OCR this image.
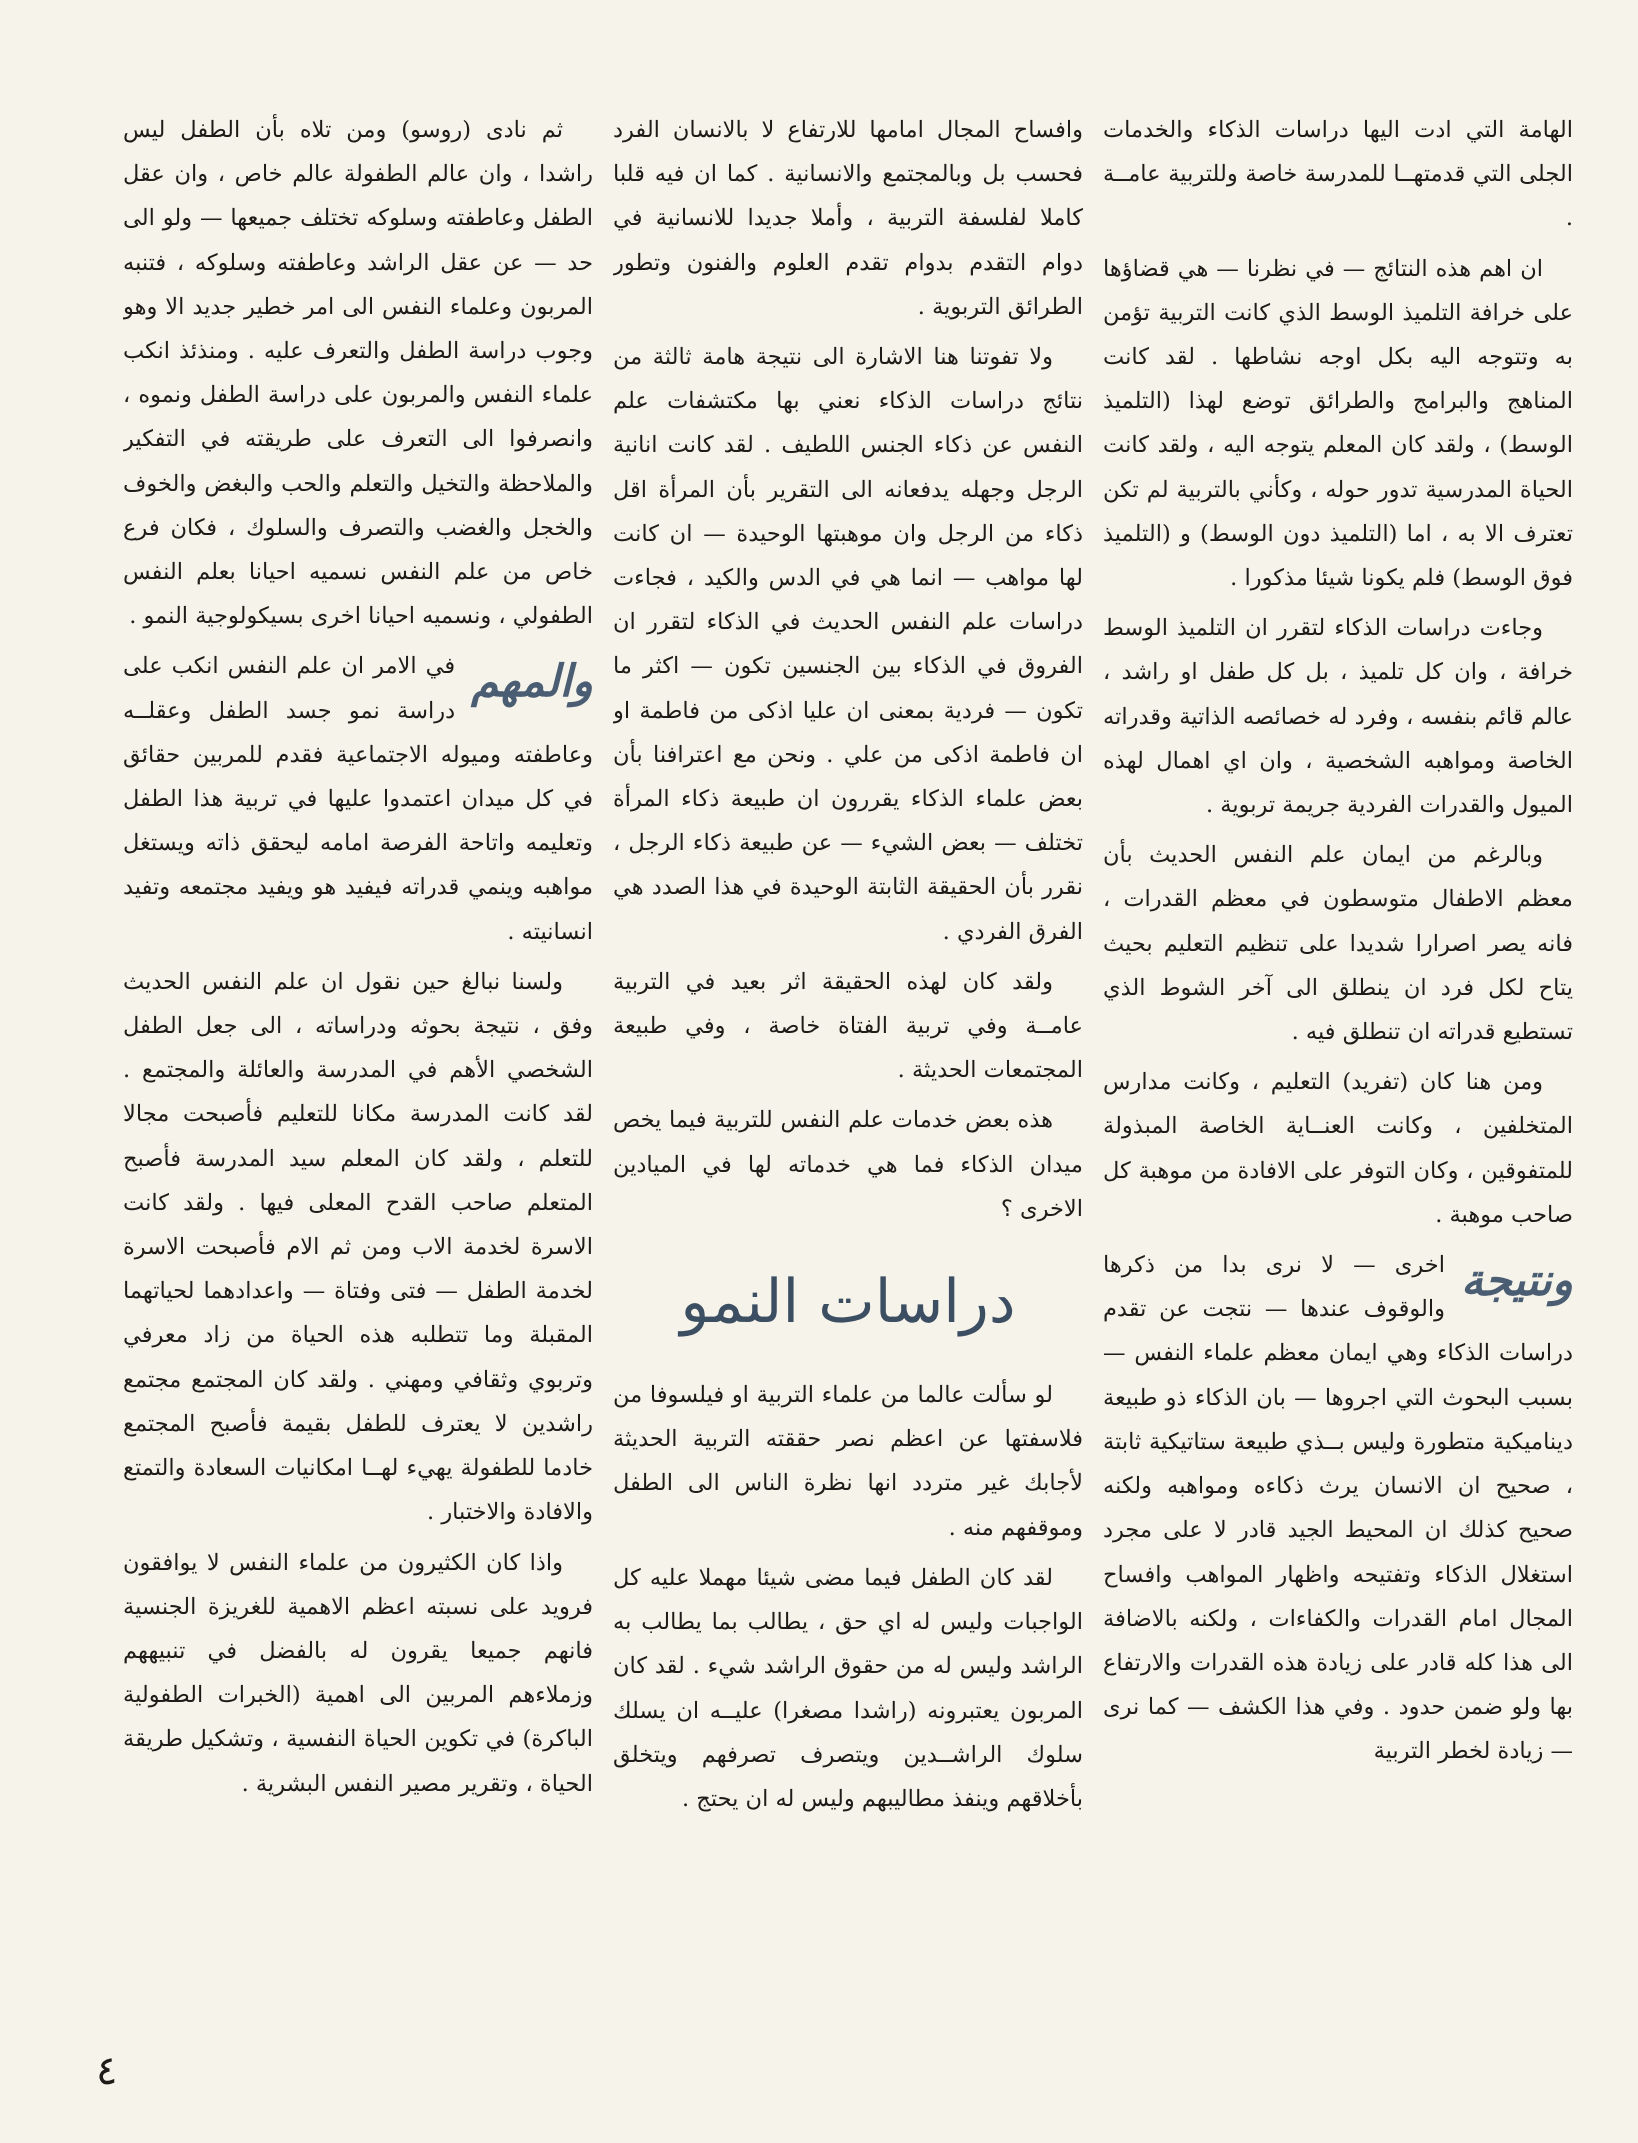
الهامة التي ادت اليها دراسات الذكاء والخدمات الجلى التي قدمتهــا للمدرسة خاصة وللتربية عامــة .

ان اهم هذه النتائج — في نظرنا — هي قضاؤها على خرافة التلميذ الوسط الذي كانت التربية تؤمن به وتتوجه اليه بكل اوجه نشاطها . لقد كانت المناهج والبرامج والطرائق توضع لهذا (التلميذ الوسط) ، ولقد كان المعلم يتوجه اليه ، ولقد كانت الحياة المدرسية تدور حوله ، وكأني بالتربية لم تكن تعترف الا به ، اما (التلميذ دون الوسط) و (التلميذ فوق الوسط) فلم يكونا شيئا مذكورا .

وجاءت دراسات الذكاء لتقرر ان التلميذ الوسط خرافة ، وان كل تلميذ ، بل كل طفل او راشد ، عالم قائم بنفسه ، وفرد له خصائصه الذاتية وقدراته الخاصة ومواهبه الشخصية ، وان اي اهمال لهذه الميول والقدرات الفردية جريمة تربوية .

وبالرغم من ايمان علم النفس الحديث بأن معظم الاطفال متوسطون في معظم القدرات ، فانه يصر اصرارا شديدا على تنظيم التعليم بحيث يتاح لكل فرد ان ينطلق الى آخر الشوط الذي تستطيع قدراته ان تنطلق فيه .

ومن هنا كان (تفريد) التعليم ، وكانت مدارس المتخلفين ، وكانت العنــاية الخاصة المبذولة للمتفوقين ، وكان التوفر على الافادة من موهبة كل صاحب موهبة .

ونتيجة
اخرى — لا نرى بدا من ذكرها والوقوف عندها — نتجت عن تقدم دراسات الذكاء وهي ايمان معظم علماء النفس — بسبب البحوث التي اجروها — بان الذكاء ذو طبيعة ديناميكية متطورة وليس بــذي طبيعة ستاتيكية ثابتة ، صحيح ان الانسان يرث ذكاءه ومواهبه ولكنه صحيح كذلك ان المحيط الجيد قادر لا على مجرد استغلال الذكاء وتفتيحه واظهار المواهب وافساح المجال امام القدرات والكفاءات ، ولكنه بالاضافة الى هذا كله قادر على زيادة هذه القدرات والارتفاع بها ولو ضمن حدود . وفي هذا الكشف — كما نرى — زيادة لخطر التربية

وافساح المجال امامها للارتفاع لا بالانسان الفرد فحسب بل وبالمجتمع والانسانية . كما ان فيه قلبا كاملا لفلسفة التربية ، وأملا جديدا للانسانية في دوام التقدم بدوام تقدم العلوم والفنون وتطور الطرائق التربوية .

ولا تفوتنا هنا الاشارة الى نتيجة هامة ثالثة من نتائج دراسات الذكاء نعني بها مكتشفات علم النفس عن ذكاء الجنس اللطيف . لقد كانت انانية الرجل وجهله يدفعانه الى التقرير بأن المرأة اقل ذكاء من الرجل وان موهبتها الوحيدة — ان كانت لها مواهب — انما هي في الدس والكيد ، فجاءت دراسات علم النفس الحديث في الذكاء لتقرر ان الفروق في الذكاء بين الجنسين تكون — اكثر ما تكون — فردية بمعنى ان عليا اذكى من فاطمة او ان فاطمة اذكى من علي . ونحن مع اعترافنا بأن بعض علماء الذكاء يقررون ان طبيعة ذكاء المرأة تختلف — بعض الشيء — عن طبيعة ذكاء الرجل ، نقرر بأن الحقيقة الثابتة الوحيدة في هذا الصدد هي الفرق الفردي .

ولقد كان لهذه الحقيقة اثر بعيد في التربية عامــة وفي تربية الفتاة خاصة ، وفي طبيعة المجتمعات الحديثة .

هذه بعض خدمات علم النفس للتربية فيما يخص ميدان الذكاء فما هي خدماته لها في الميادين الاخرى ؟

دراسات النمو

لو سألت عالما من علماء التربية او فيلسوفا من فلاسفتها عن اعظم نصر حققته التربية الحديثة لأجابك غير متردد انها نظرة الناس الى الطفل وموقفهم منه .

لقد كان الطفل فيما مضى شيئا مهملا عليه كل الواجبات وليس له اي حق ، يطالب بما يطالب به الراشد وليس له من حقوق الراشد شيء . لقد كان المربون يعتبرونه (راشدا مصغرا) عليــه ان يسلك سلوك الراشــدين ويتصرف تصرفهم ويتخلق بأخلاقهم وينفذ مطاليبهم وليس له ان يحتج .

ثم نادى (روسو) ومن تلاه بأن الطفل ليس راشدا ، وان عالم الطفولة عالم خاص ، وان عقل الطفل وعاطفته وسلوكه تختلف جميعها — ولو الى حد — عن عقل الراشد وعاطفته وسلوكه ، فتنبه المربون وعلماء النفس الى امر خطير جديد الا وهو وجوب دراسة الطفل والتعرف عليه . ومنذئذ انكب علماء النفس والمربون على دراسة الطفل ونموه ، وانصرفوا الى التعرف على طريقته في التفكير والملاحظة والتخيل والتعلم والحب والبغض والخوف والخجل والغضب والتصرف والسلوك ، فكان فرع خاص من علم النفس نسميه احيانا بعلم النفس الطفولي ، ونسميه احيانا اخرى بسيكولوجية النمو .

والمهم
في الامر ان علم النفس انكب على دراسة نمو جسد الطفل وعقلــه وعاطفته وميوله الاجتماعية فقدم للمربين حقائق في كل ميدان اعتمدوا عليها في تربية هذا الطفل وتعليمه واتاحة الفرصة امامه ليحقق ذاته ويستغل مواهبه وينمي قدراته فيفيد هو ويفيد مجتمعه وتفيد انسانيته .

ولسنا نبالغ حين نقول ان علم النفس الحديث وفق ، نتيجة بحوثه ودراساته ، الى جعل الطفل الشخصي الأهم في المدرسة والعائلة والمجتمع . لقد كانت المدرسة مكانا للتعليم فأصبحت مجالا للتعلم ، ولقد كان المعلم سيد المدرسة فأصبح المتعلم صاحب القدح المعلى فيها . ولقد كانت الاسرة لخدمة الاب ومن ثم الام فأصبحت الاسرة لخدمة الطفل — فتى وفتاة — واعدادهما لحياتهما المقبلة وما تتطلبه هذه الحياة من زاد معرفي وتربوي وثقافي ومهني . ولقد كان المجتمع مجتمع راشدين لا يعترف للطفل بقيمة فأصبح المجتمع خادما للطفولة يهيء لهــا امكانيات السعادة والتمتع والافادة والاختبار .

واذا كان الكثيرون من علماء النفس لا يوافقون فرويد على نسبته اعظم الاهمية للغريزة الجنسية فانهم جميعا يقرون له بالفضل في تنبيههم وزملاءهم المربين الى اهمية (الخبرات الطفولية الباكرة) في تكوين الحياة النفسية ، وتشكيل طريقة الحياة ، وتقرير مصير النفس البشرية .

٤
